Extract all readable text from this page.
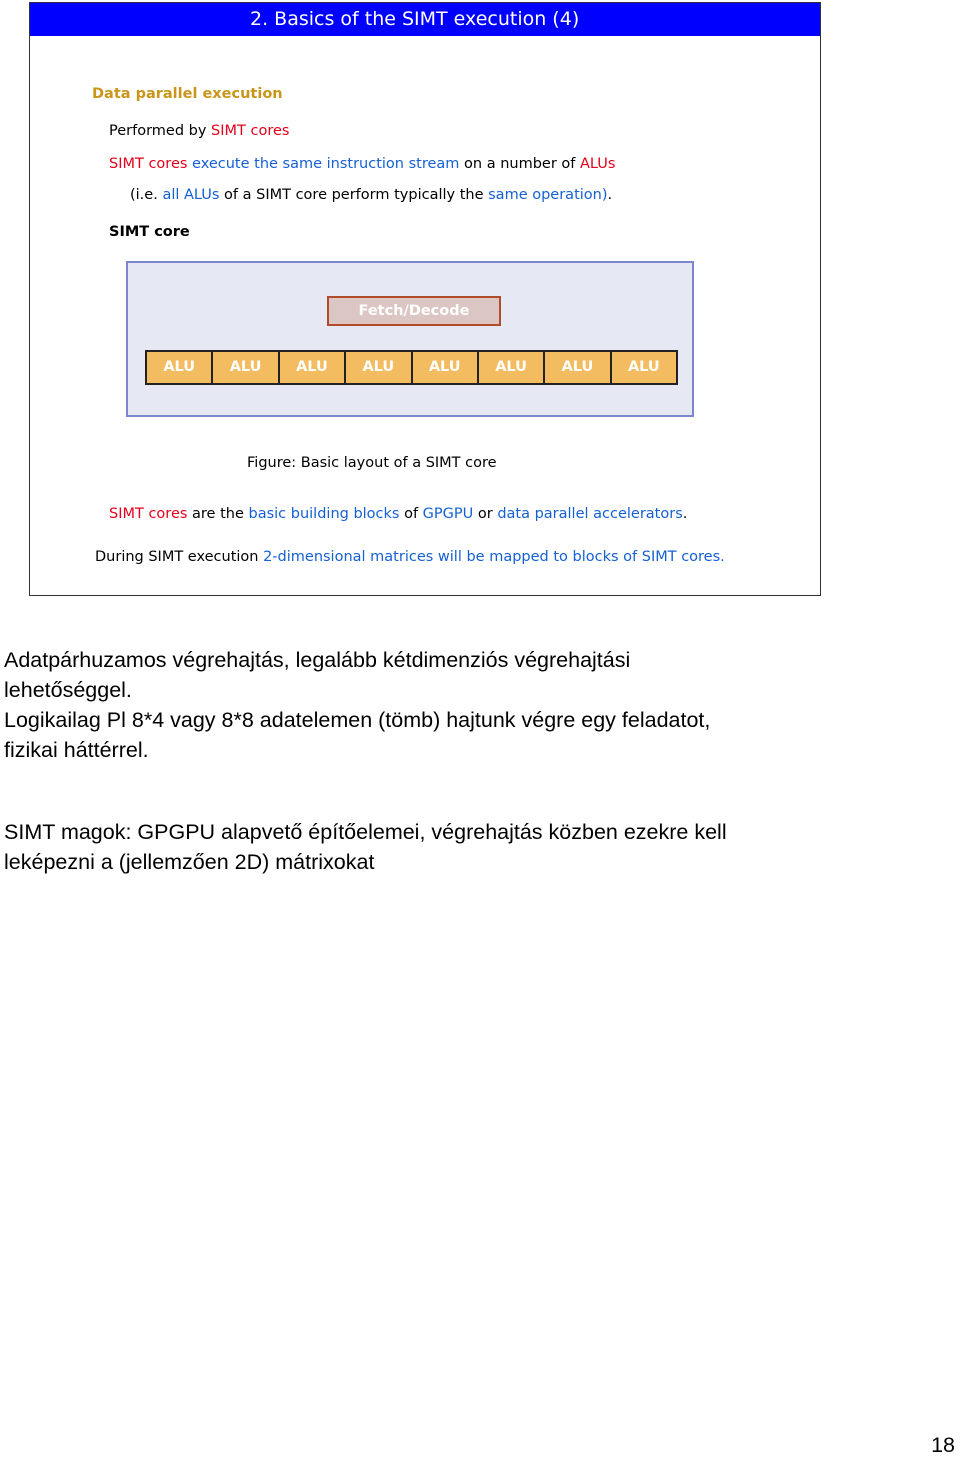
2. Basics of the SIMT execution (4)
Data parallel execution
Performed by SIMT cores
SIMT cores execute the same instruction stream on a number of ALUs
(i.e. all ALUs of a SIMT core perform typically the same operation).
SIMT core
Fetch/Decode
ALU	ALU	ALU	ALU	ALU	ALU	ALU	ALU
Figure: Basic layout of a SIMT core
SIMT cores are the basic building blocks of GPGPU or data parallel accelerators.
During SIMT execution 2-dimensional matrices will be mapped to blocks of SIMT cores.
Adatpárhuzamos végrehajtás, legalább kétdimenziós végrehajtási
lehetőséggel.
Logikailag Pl 8*4 vagy 8*8 adatelemen (tömb) hajtunk végre egy feladatot,
fizikai háttérrel.
SIMT magok: GPGPU alapvető építőelemei, végrehajtás közben ezekre kell
leképezni a (jellemzően 2D) mátrixokat
18
